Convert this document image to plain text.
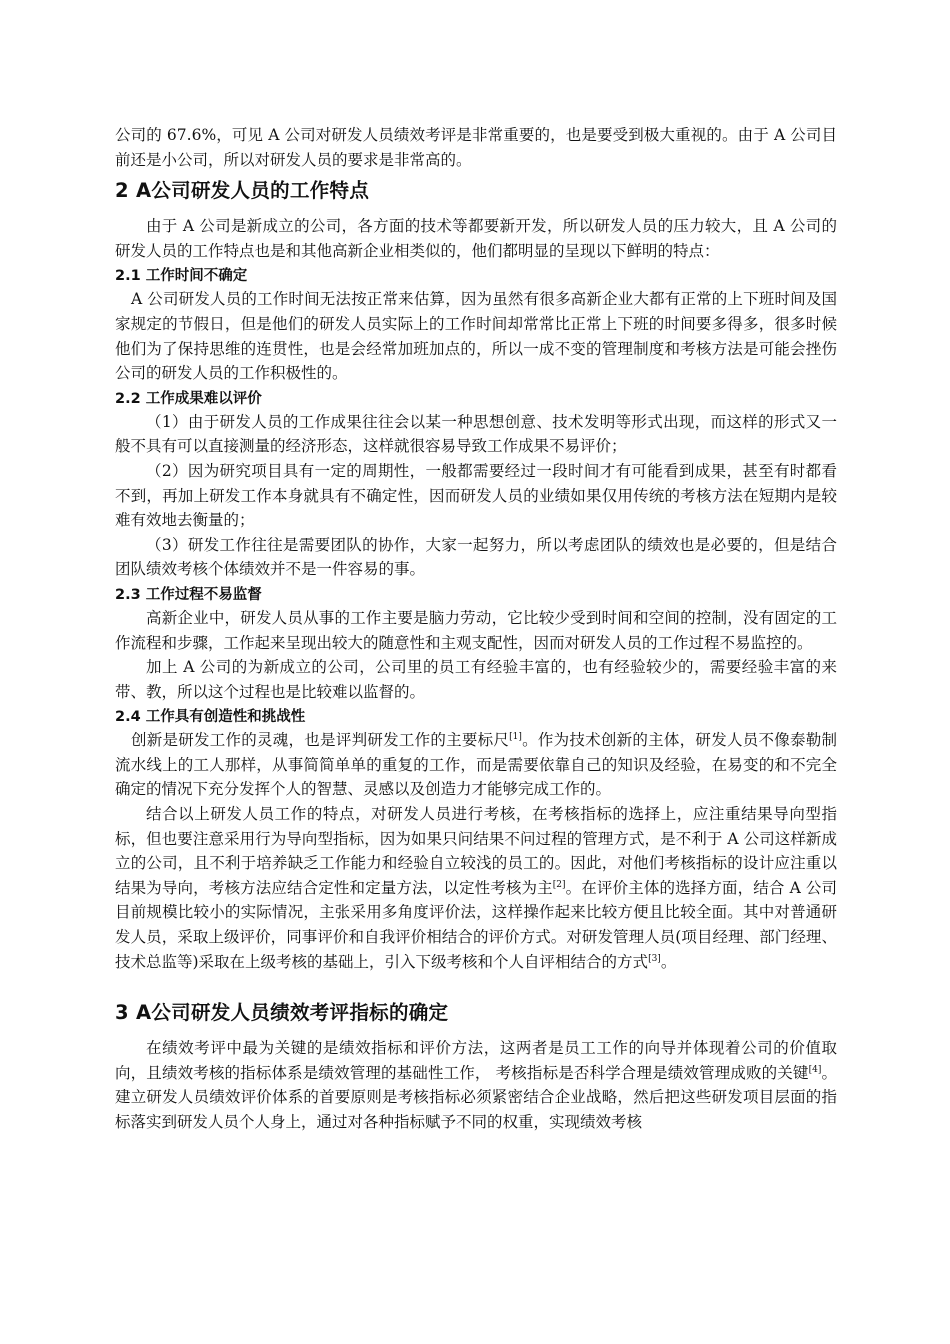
公司的 67.6%，可见 A 公司对研发人员绩效考评是非常重要的，也是要受到极大重视的。由于 A 公司目前还是小公司，所以对研发人员的要求是非常高的。

2 A公司研发人员的工作特点

由于 A 公司是新成立的公司，各方面的技术等都要新开发，所以研发人员的压力较大，且 A 公司的研发人员的工作特点也是和其他高新企业相类似的，他们都明显的呈现以下鲜明的特点：

2.1 工作时间不确定

A 公司研发人员的工作时间无法按正常来估算，因为虽然有很多高新企业大都有正常的上下班时间及国家规定的节假日，但是他们的研发人员实际上的工作时间却常常比正常上下班的时间要多得多，很多时候他们为了保持思维的连贯性，也是会经常加班加点的，所以一成不变的管理制度和考核方法是可能会挫伤公司的研发人员的工作积极性的。

2.2 工作成果难以评价

（1）由于研发人员的工作成果往往会以某一种思想创意、技术发明等形式出现，而这样的形式又一般不具有可以直接测量的经济形态，这样就很容易导致工作成果不易评价；

（2）因为研究项目具有一定的周期性，一般都需要经过一段时间才有可能看到成果，甚至有时都看不到，再加上研发工作本身就具有不确定性，因而研发人员的业绩如果仅用传统的考核方法在短期内是较难有效地去衡量的；

（3）研发工作往往是需要团队的协作，大家一起努力，所以考虑团队的绩效也是必要的，但是结合团队绩效考核个体绩效并不是一件容易的事。

2.3 工作过程不易监督

高新企业中，研发人员从事的工作主要是脑力劳动，它比较少受到时间和空间的控制，没有固定的工作流程和步骤，工作起来呈现出较大的随意性和主观支配性，因而对研发人员的工作过程不易监控的。

加上 A 公司的为新成立的公司，公司里的员工有经验丰富的，也有经验较少的，需要经验丰富的来带、教，所以这个过程也是比较难以监督的。

2.4 工作具有创造性和挑战性

创新是研发工作的灵魂，也是评判研发工作的主要标尺[1]。作为技术创新的主体，研发人员不像泰勒制流水线上的工人那样，从事简简单单的重复的工作，而是需要依靠自己的知识及经验，在易变的和不完全确定的情况下充分发挥个人的智慧、灵感以及创造力才能够完成工作的。

结合以上研发人员工作的特点，对研发人员进行考核，在考核指标的选择上，应注重结果导向型指标，但也要注意采用行为导向型指标，因为如果只问结果不问过程的管理方式，是不利于 A 公司这样新成立的公司，且不利于培养缺乏工作能力和经验自立较浅的员工的。因此，对他们考核指标的设计应注重以结果为导向，考核方法应结合定性和定量方法，以定性考核为主[2]。在评价主体的选择方面，结合 A 公司目前规模比较小的实际情况，主张采用多角度评价法，这样操作起来比较方便且比较全面。其中对普通研发人员，采取上级评价，同事评价和自我评价相结合的评价方式。对研发管理人员(项目经理、部门经理、技术总监等)采取在上级考核的基础上，引入下级考核和个人自评相结合的方式[3]。

3 A公司研发人员绩效考评指标的确定

在绩效考评中最为关键的是绩效指标和评价方法，这两者是员工工作的向导并体现着公司的价值取向，且绩效考核的指标体系是绩效管理的基础性工作， 考核指标是否科学合理是绩效管理成败的关键[4]。建立研发人员绩效评价体系的首要原则是考核指标必须紧密结合企业战略，然后把这些研发项目层面的指标落实到研发人员个人身上，通过对各种指标赋予不同的权重，实现绩效考核
